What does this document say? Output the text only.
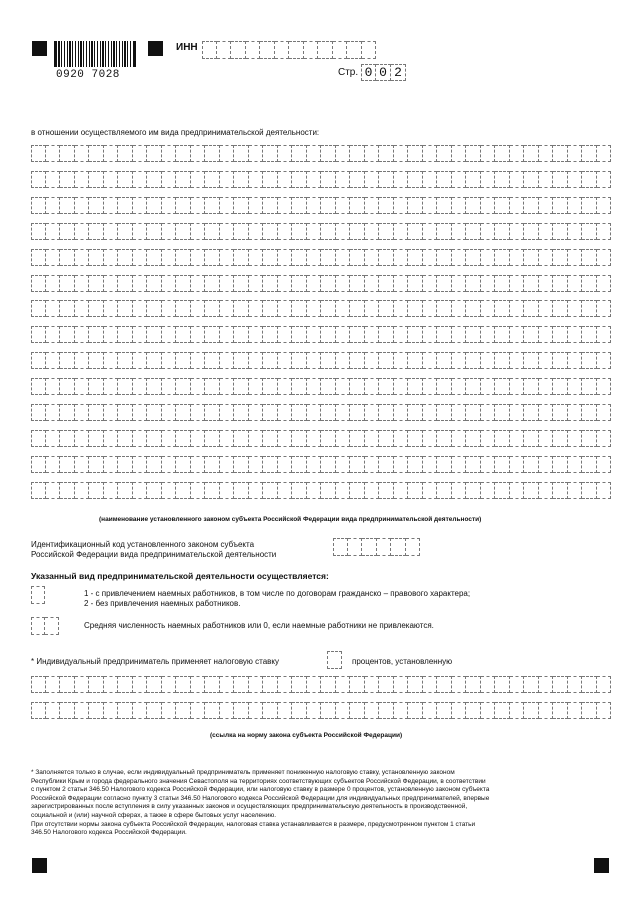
0920 7028
ИНН
Стр. 0 0 2
в отношении осуществляемого им вида предпринимательской деятельности:
(наименование установленного законом субъекта Российской Федерации вида предпринимательской деятельности)
Идентификационный код установленного законом субъекта
Российской Федерации вида предпринимательской деятельности
Указанный вид предпринимательской деятельности осуществляется:
1 - с привлечением наемных работников, в том числе по договорам гражданско – правового характера;
2 - без привлечения наемных работников.
Средняя численность наемных работников или 0, если наемные работники не привлекаются.
* Индивидуальный предприниматель применяет налоговую ставку	процентов, установленную
(ссылка на норму закона субъекта Российской Федерации)

* Заполняется только в случае, если индивидуальный предприниматель применяет пониженную налоговую ставку, установленную законом

Республики Крым и города федерального значения Севастополя на территориях соответствующих субъектов Российской Федерации, в соответствии

с пунктом 2 статьи 346.50 Налогового кодекса Российской Федерации, или налоговую ставку в размере 0 процентов, установленную законом субъекта

Российской Федерации согласно пункту 3 статьи 346.50 Налогового кодекса Российской Федерации для индивидуальных предпринимателей, впервые

зарегистрированных после вступления в силу указанных законов и осуществляющих предпринимательскую деятельность в производственной,

социальной и (или) научной сферах, а также в сфере бытовых услуг населению.

При отсутствии нормы закона субъекта Российской Федерации, налоговая ставка устанавливается в размере, предусмотренном пунктом 1 статьи

346.50 Налогового кодекса Российской Федерации.
